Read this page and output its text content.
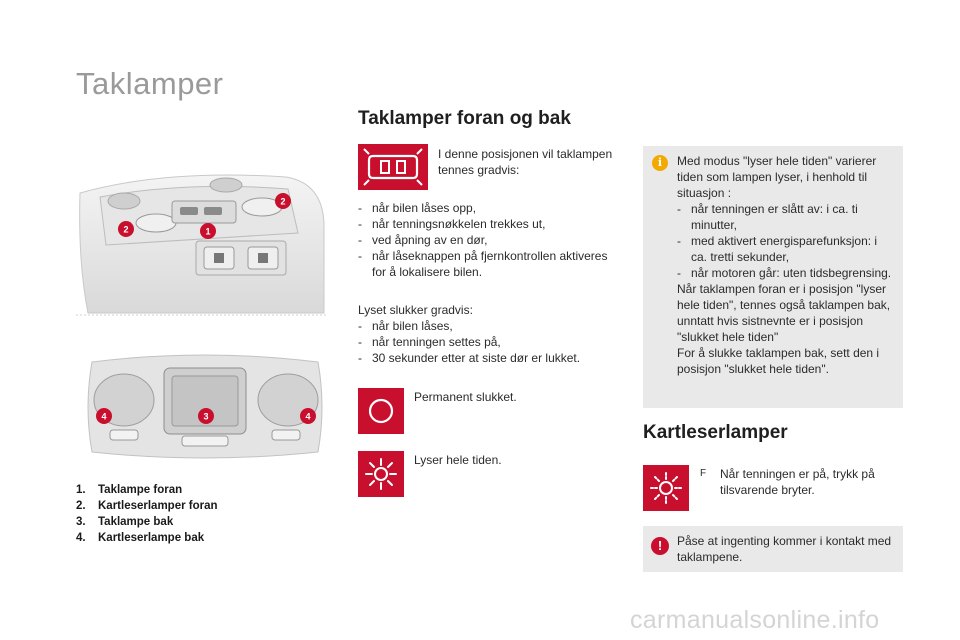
Taklamper
1
2
2
4	3	4
1. Taklampe foran
2. Kartleserlamper foran
3. Taklampe bak
4. Kartleserlampe bak
Taklamper foran og bak
I denne posisjonen vil taklampen tennes gradvis:
- når bilen låses opp,
- når tenningsnøkkelen trekkes ut,
- ved åpning av en dør,
- når låseknappen på fjernkontrollen aktiveres for å lokalisere bilen.
Lyset slukker gradvis:
- når bilen låses,
- når tenningen settes på,
- 30 sekunder etter at siste dør er lukket.
Permanent slukket.
Lyser hele tiden.
i	Med modus "lyser hele tiden" varierer tiden som lampen lyser, i henhold til situasjon :
- når tenningen er slått av: i ca. ti minutter,
- med aktivert energisparefunksjon: i ca. tretti sekunder,
- når motoren går: uten tidsbegrensing.
Når taklampen foran er i posisjon "lyser hele tiden", tennes også taklampen bak, unntatt hvis sistnevnte er i posisjon "slukket hele tiden"
For å slukke taklampen bak, sett den i posisjon "slukket hele tiden".
Kartleserlamper
F	Når tenningen er på, trykk på tilsvarende bryter.
!	Påse at ingenting kommer i kontakt med taklampene.
carmanualsonline.info
